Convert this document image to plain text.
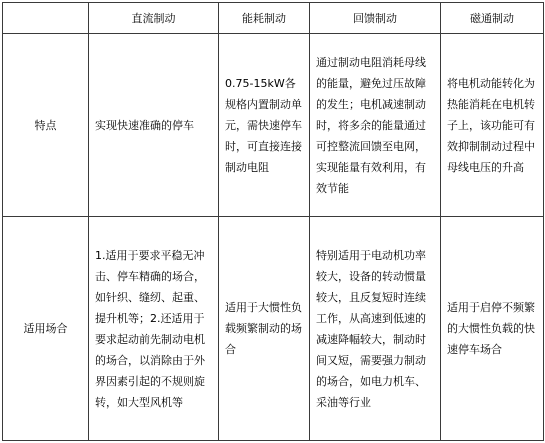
	直流制动	能耗制动	回馈制动	磁通制动
特点	实现快速准确的停车	0.75-15kW各规格内置制动单元，需快速停车时，可直接连接制动电阻	通过制动电阻消耗母线的能量，避免过压故障的发生；电机减速制动时，将多余的能量通过可控整流回馈至电网，实现能量有效利用，有效节能	将电机动能转化为热能消耗在电机转子上，该功能可有效抑制制动过程中母线电压的升高
适用场合	1.适用于要求平稳无冲击、停车精确的场合，如针织、缝纫、起重、提升机等；2.还适用于要求起动前先制动电机的场合，以消除由于外界因素引起的不规则旋转，如大型风机等	适用于大惯性负载频繁制动的场合	特别适用于电动机功率较大，设备的转动惯量较大，且反复短时连续工作，从高速到低速的减速降幅较大，制动时间又短，需要强力制动的场合，如电力机车、采油等行业	适用于启停不频繁的大惯性负载的快速停车场合
